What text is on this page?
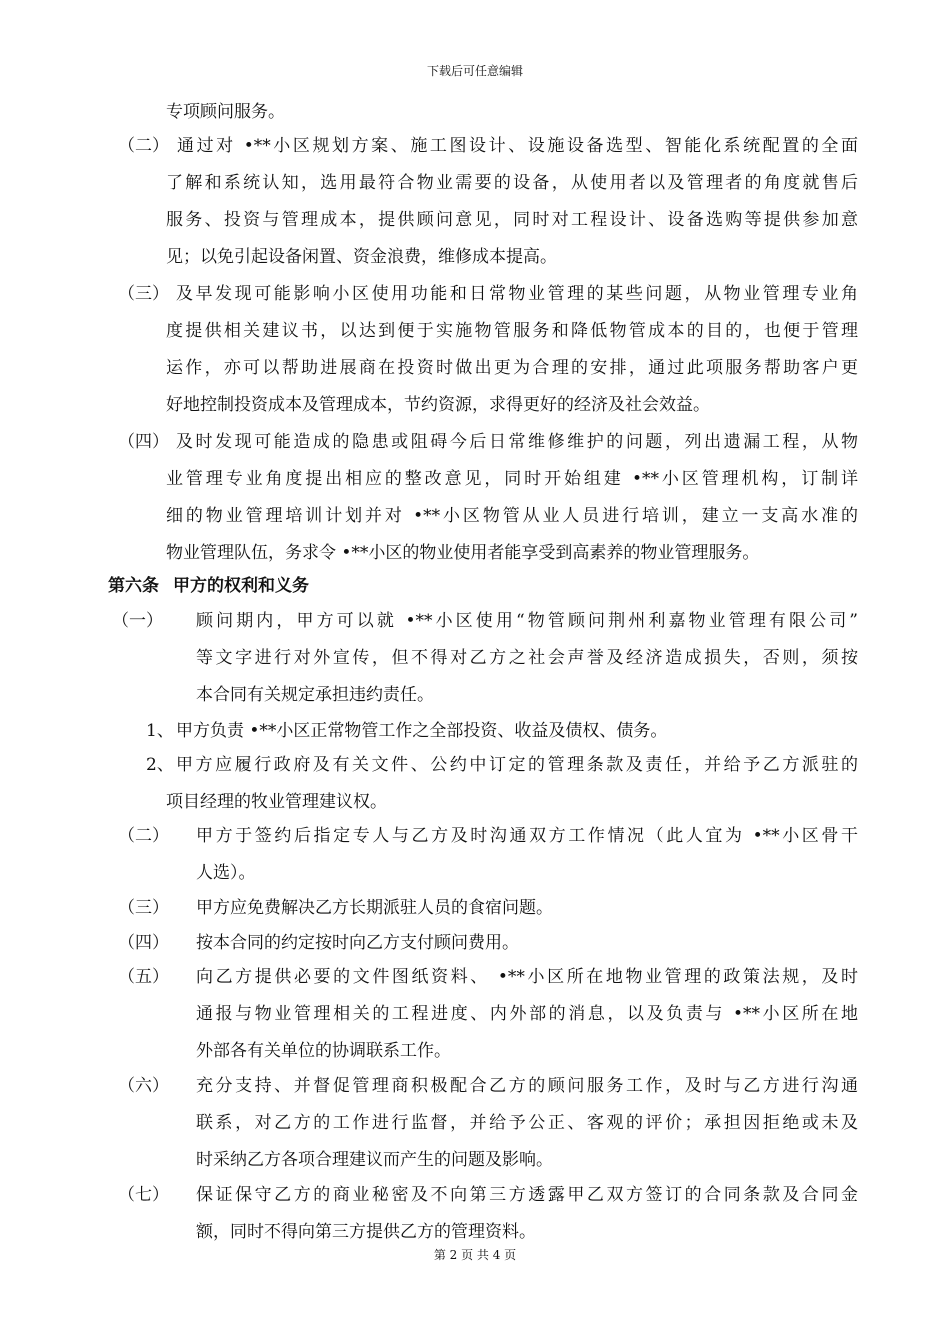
下载后可任意编辑
专项顾问服务。
（二） 通过对 •**小区规划方案、施工图设计、设施设备选型、智能化系统配置的全面
了解和系统认知，选用最符合物业需要的设备，从使用者以及管理者的角度就售后
服务、投资与管理成本，提供顾问意见，同时对工程设计、设备选购等提供参加意
见；以免引起设备闲置、资金浪费，维修成本提高。
（三） 及早发现可能影响小区使用功能和日常物业管理的某些问题，从物业管理专业角
度提供相关建议书，以达到便于实施物管服务和降低物管成本的目的，也便于管理
运作，亦可以帮助进展商在投资时做出更为合理的安排，通过此项服务帮助客户更
好地控制投资成本及管理成本，节约资源，求得更好的经济及社会效益。
（四） 及时发现可能造成的隐患或阻碍今后日常维修维护的问题，列出遗漏工程，从物
业管理专业角度提出相应的整改意见，同时开始组建 •**小区管理机构，订制详
细的物业管理培训计划并对 •**小区物管从业人员进行培训，建立一支高水准的
物业管理队伍，务求令 •**小区的物业使用者能享受到高素养的物业管理服务。
第六条 甲方的权利和义务
（一） 顾问期内，甲方可以就 •**小区使用“物管顾问荆州利嘉物业管理有限公司”
等文字进行对外宣传，但不得对乙方之社会声誉及经济造成损失，否则，须按
本合同有关规定承担违约责任。
1、 甲方负责 •**小区正常物管工作之全部投资、收益及债权、债务。
2、 甲方应履行政府及有关文件、公约中订定的管理条款及责任，并给予乙方派驻的
项目经理的牧业管理建议权。
（二） 甲方于签约后指定专人与乙方及时沟通双方工作情况（此人宜为 •**小区骨干
人选）。
（三） 甲方应免费解决乙方长期派驻人员的食宿问题。
（四） 按本合同的约定按时向乙方支付顾问费用。
（五） 向乙方提供必要的文件图纸资料、 •**小区所在地物业管理的政策法规，及时
通报与物业管理相关的工程进度、内外部的消息，以及负责与 •**小区所在地
外部各有关单位的协调联系工作。
（六） 充分支持、并督促管理商积极配合乙方的顾问服务工作，及时与乙方进行沟通
联系，对乙方的工作进行监督，并给予公正、客观的评价；承担因拒绝或未及
时采纳乙方各项合理建议而产生的问题及影响。
（七） 保证保守乙方的商业秘密及不向第三方透露甲乙双方签订的合同条款及合同金
额，同时不得向第三方提供乙方的管理资料。
第 2 页 共 4 页
